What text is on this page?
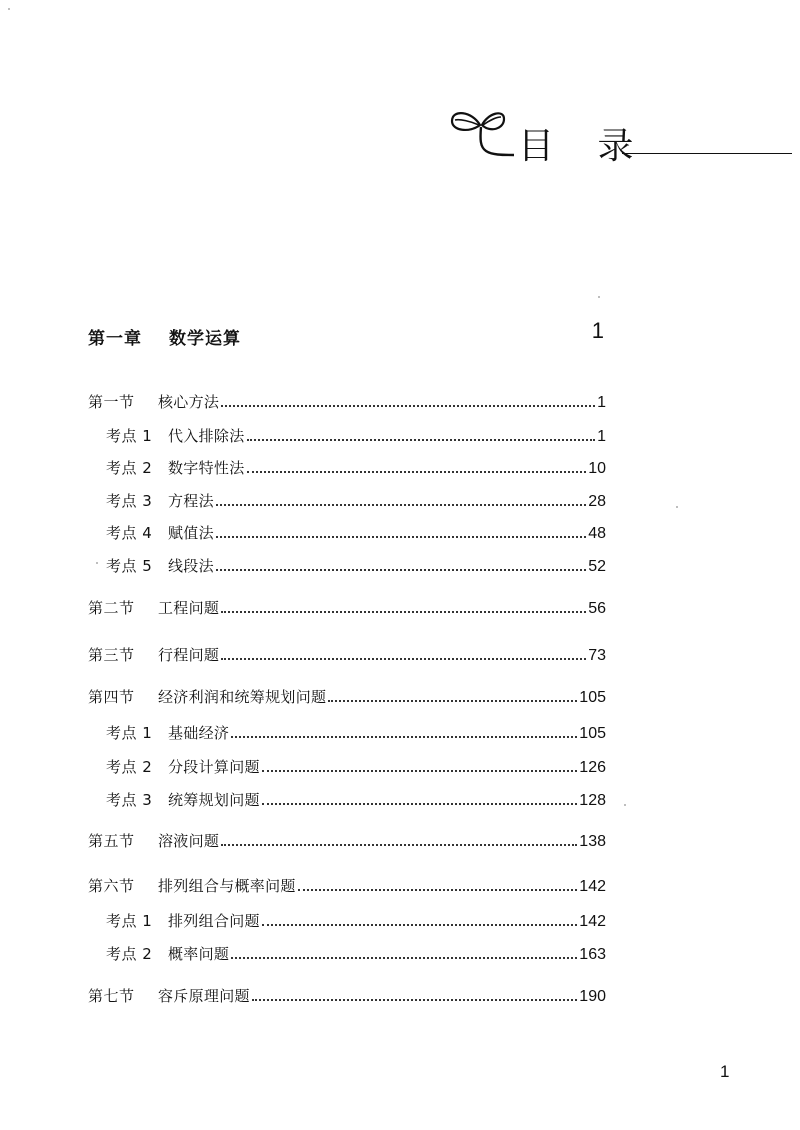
目 录
第一章 数学运算	1
第一节	核心方法	1
考点 1	代入排除法	1
考点 2	数字特性法	10
考点 3	方程法	28
考点 4	赋值法	48
考点 5	线段法	52
第二节	工程问题	56
第三节	行程问题	73
第四节	经济利润和统筹规划问题	105
考点 1	基础经济	105
考点 2	分段计算问题	126
考点 3	统筹规划问题	128
第五节	溶液问题	138
第六节	排列组合与概率问题	142
考点 1	排列组合问题	142
考点 2	概率问题	163
第七节	容斥原理问题	190
1
